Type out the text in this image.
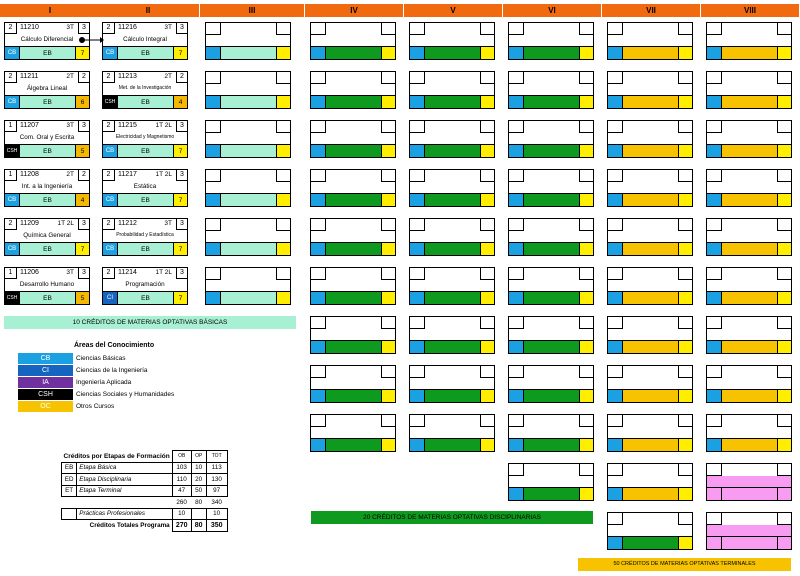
I	II	III	IV	V	VI	VII	VIII
2	11210	3T	3
Cálculo Diferencial
CB	EB	7
2	11211	2T	2
Álgebra Lineal
CB	EB	6
1	11207	3T	3
Com. Oral y Escrita
CSH	EB	5
1	11208	2T	2
Int. a la Ingeniería
CB	EB	4
2	11209	1T 2L	3
Química General
CB	EB	7
1	11206	3T	3
Desarrollo Humano
CSH	EB	5
2	11216	3T	3
Cálculo Integral
CB	EB	7
2	11213	2T	2
Met. de la Investigación
CSH	EB	4
2	11215	1T 2L	3
Electricidad y Magnetismo
CB	EB	7
2	11217	1T 2L	3
Estática
CB	EB	7
2	11212	3T	3
Probabilidad y Estadística
CB	EB	7
2	11214	1T 2L	3
Programación
CI	EB	7
10 CRÉDITOS DE MATERIAS OPTATIVAS BÁSICAS
20 CRÉDITOS DE MATERIAS OPTATIVAS DISCIPLINARIAS
50 CRÉDITOS DE MATERIAS OPTATIVAS TERMINALES
Áreas del Conocimiento
CB	Ciencias Básicas
CI	Ciencias de la Ingeniería
IA	Ingeniería Aplicada
CSH	Ciencias Sociales y Humanidades
OC	Otros Cursos
Créditos por Etapas de Formación		OB	OP	TOT
EB	Etapa Básica	103	10	113
ED	Etapa Disciplinaria	110	20	130
ET	Etapa Terminal	47	50	97
		260	80	340
	Prácticas Profesionales	10		10
Créditos Totales Programa		270	80	350
